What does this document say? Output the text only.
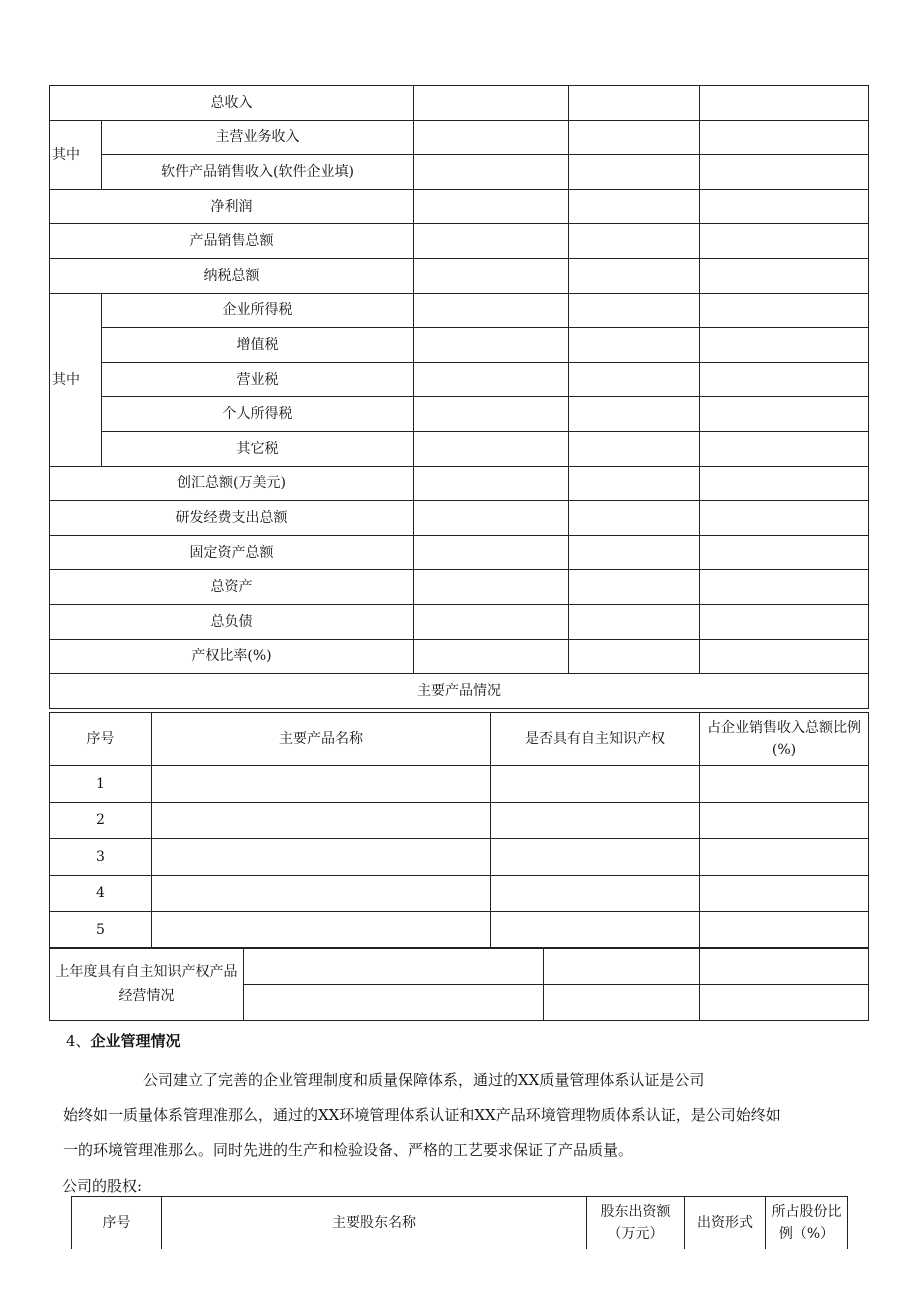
总收入				
其中	主营业务收入			
	软件产品销售收入(软件企业填)			
净利润				
产品销售总额				
纳税总额				
其中	企业所得税			
	增值税			
	营业税			
	个人所得税			
	其它税			
创汇总额(万美元)				
研发经费支出总额				
固定资产总额				
总资产				
总负债				
产权比率(%)				
主要产品情况				
序号	主要产品名称	是否具有自主知识产权	占企业销售收入总额比例(%)
1			
2			
3			
4			
5			
上年度具有自主知识产权产品经营情况			

4、企业管理情况
公司建立了完善的企业管理制度和质量保障体系，通过的XX质量管理体系认证是公司
始终如一质量体系管理准那么，通过的XX环境管理体系认证和XX产品环境管理物质体系认证，是公司始终如
一的环境管理准那么。同时先进的生产和检验设备、严格的工艺要求保证了产品质量。
公司的股权:
序号	主要股东名称	股东出资额（万元）	出资形式	所占股份比例（%）
